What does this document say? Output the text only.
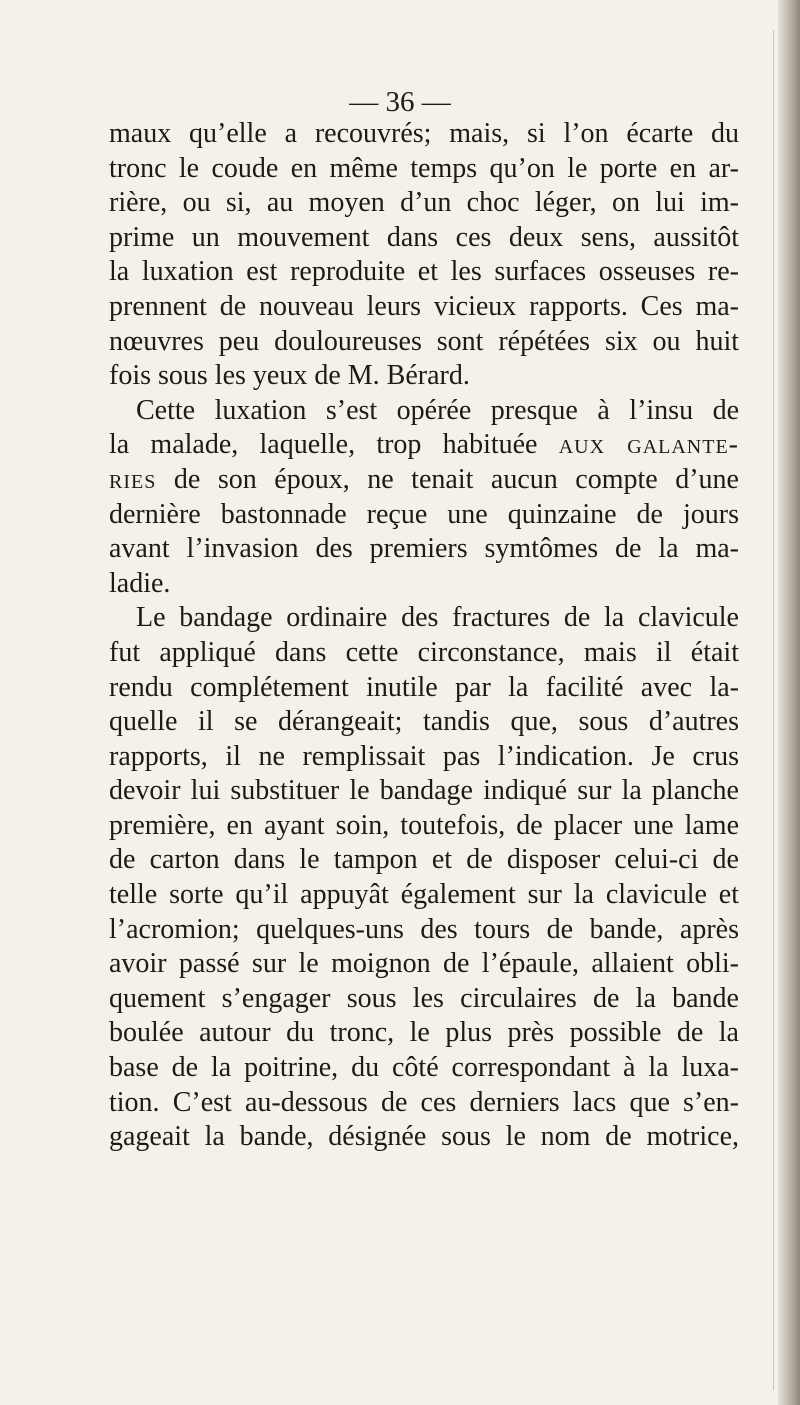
— 36 —
maux qu’elle a recouvrés; mais, si l’on écarte du
tronc le coude en même temps qu’on le porte en ar-
rière, ou si, au moyen d’un choc léger, on lui im-
prime un mouvement dans ces deux sens, aussitôt
la luxation est reproduite et les surfaces osseuses re-
prennent de nouveau leurs vicieux rapports. Ces ma-
nœuvres peu douloureuses sont répétées six ou huit
fois sous les yeux de M. Bérard.
Cette luxation s’est opérée presque à l’insu de
la malade, laquelle, trop habituée aux galante-
ries de son époux, ne tenait aucun compte d’une
dernière bastonnade reçue une quinzaine de jours
avant l’invasion des premiers symtômes de la ma-
ladie.
Le bandage ordinaire des fractures de la clavicule
fut appliqué dans cette circonstance, mais il était
rendu complétement inutile par la facilité avec la-
quelle il se dérangeait; tandis que, sous d’autres
rapports, il ne remplissait pas l’indication. Je crus
devoir lui substituer le bandage indiqué sur la planche
première, en ayant soin, toutefois, de placer une lame
de carton dans le tampon et de disposer celui-ci de
telle sorte qu’il appuyât également sur la clavicule et
l’acromion; quelques-uns des tours de bande, après
avoir passé sur le moignon de l’épaule, allaient obli-
quement s’engager sous les circulaires de la bande
boulée autour du tronc, le plus près possible de la
base de la poitrine, du côté correspondant à la luxa-
tion. C’est au-dessous de ces derniers lacs que s’en-
gageait la bande, désignée sous le nom de motrice,
